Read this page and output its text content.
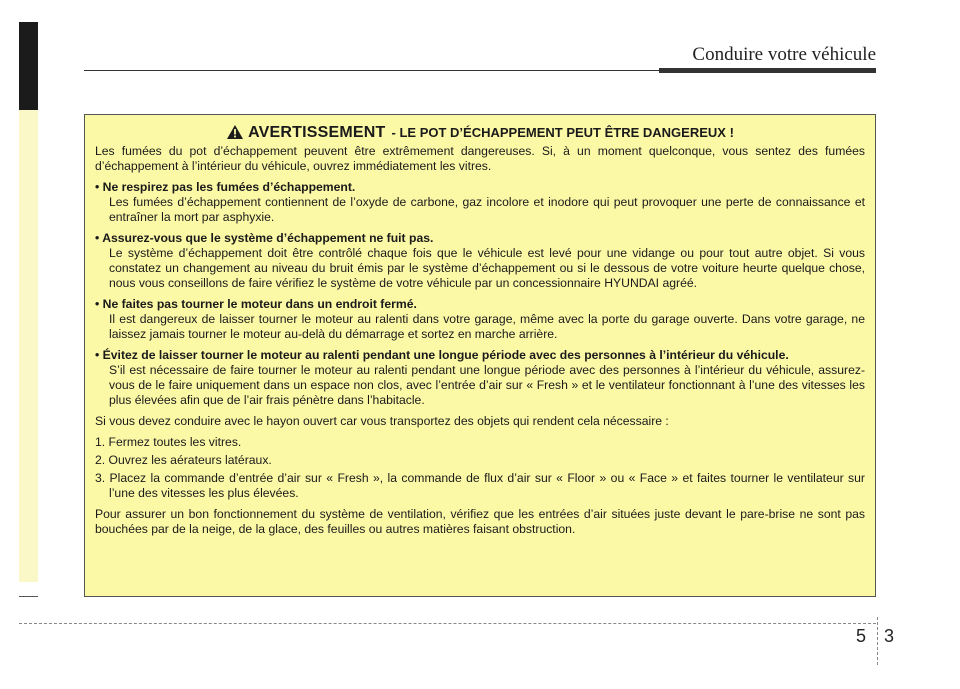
Conduire votre véhicule
AVERTISSEMENT - LE POT D’ÉCHAPPEMENT PEUT ÊTRE DANGEREUX !

Les fumées du pot d’échappement peuvent être extrêmement dangereuses. Si, à un moment quelconque, vous sentez des fumées d’échappement à l’intérieur du véhicule, ouvrez immédiatement les vitres.

• Ne respirez pas les fumées d’échappement.
Les fumées d’échappement contiennent de l’oxyde de carbone, gaz incolore et inodore qui peut provoquer une perte de connaissance et entraîner la mort par asphyxie.
• Assurez-vous que le système d’échappement ne fuit pas.
Le système d’échappement doit être contrôlé chaque fois que le véhicule est levé pour une vidange ou pour tout autre objet. Si vous constatez un changement au niveau du bruit émis par le système d’échappement ou si le dessous de votre voiture heurte quelque chose, nous vous conseillons de faire vérifiez le système de votre véhicule par un concessionnaire HYUNDAI agréé.
• Ne faites pas tourner le moteur dans un endroit fermé.
Il est dangereux de laisser tourner le moteur au ralenti dans votre garage, même avec la porte du garage ouverte. Dans votre garage, ne laissez jamais tourner le moteur au-delà du démarrage et sortez en marche arrière.
• Évitez de laisser tourner le moteur au ralenti pendant une longue période avec des personnes à l’intérieur du véhicule.
S’il est nécessaire de faire tourner le moteur au ralenti pendant une longue période avec des personnes à l’intérieur du véhicule, assurez-vous de le faire uniquement dans un espace non clos, avec l’entrée d’air sur « Fresh » et le ventilateur fonctionnant à l’une des vitesses les plus élevées afin que de l’air frais pénètre dans l’habitacle.

Si vous devez conduire avec le hayon ouvert car vous transportez des objets qui rendent cela nécessaire :

1. Fermez toutes les vitres.
2. Ouvrez les aérateurs latéraux.
3. Placez la commande d’entrée d’air sur « Fresh », la commande de flux d’air sur « Floor » ou « Face » et faites tourner le ventilateur sur l’une des vitesses les plus élevées.

Pour assurer un bon fonctionnement du système de ventilation, vérifiez que les entrées d’air situées juste devant le pare-brise ne sont pas bouchées par de la neige, de la glace, des feuilles ou autres matières faisant obstruction.

5 3
